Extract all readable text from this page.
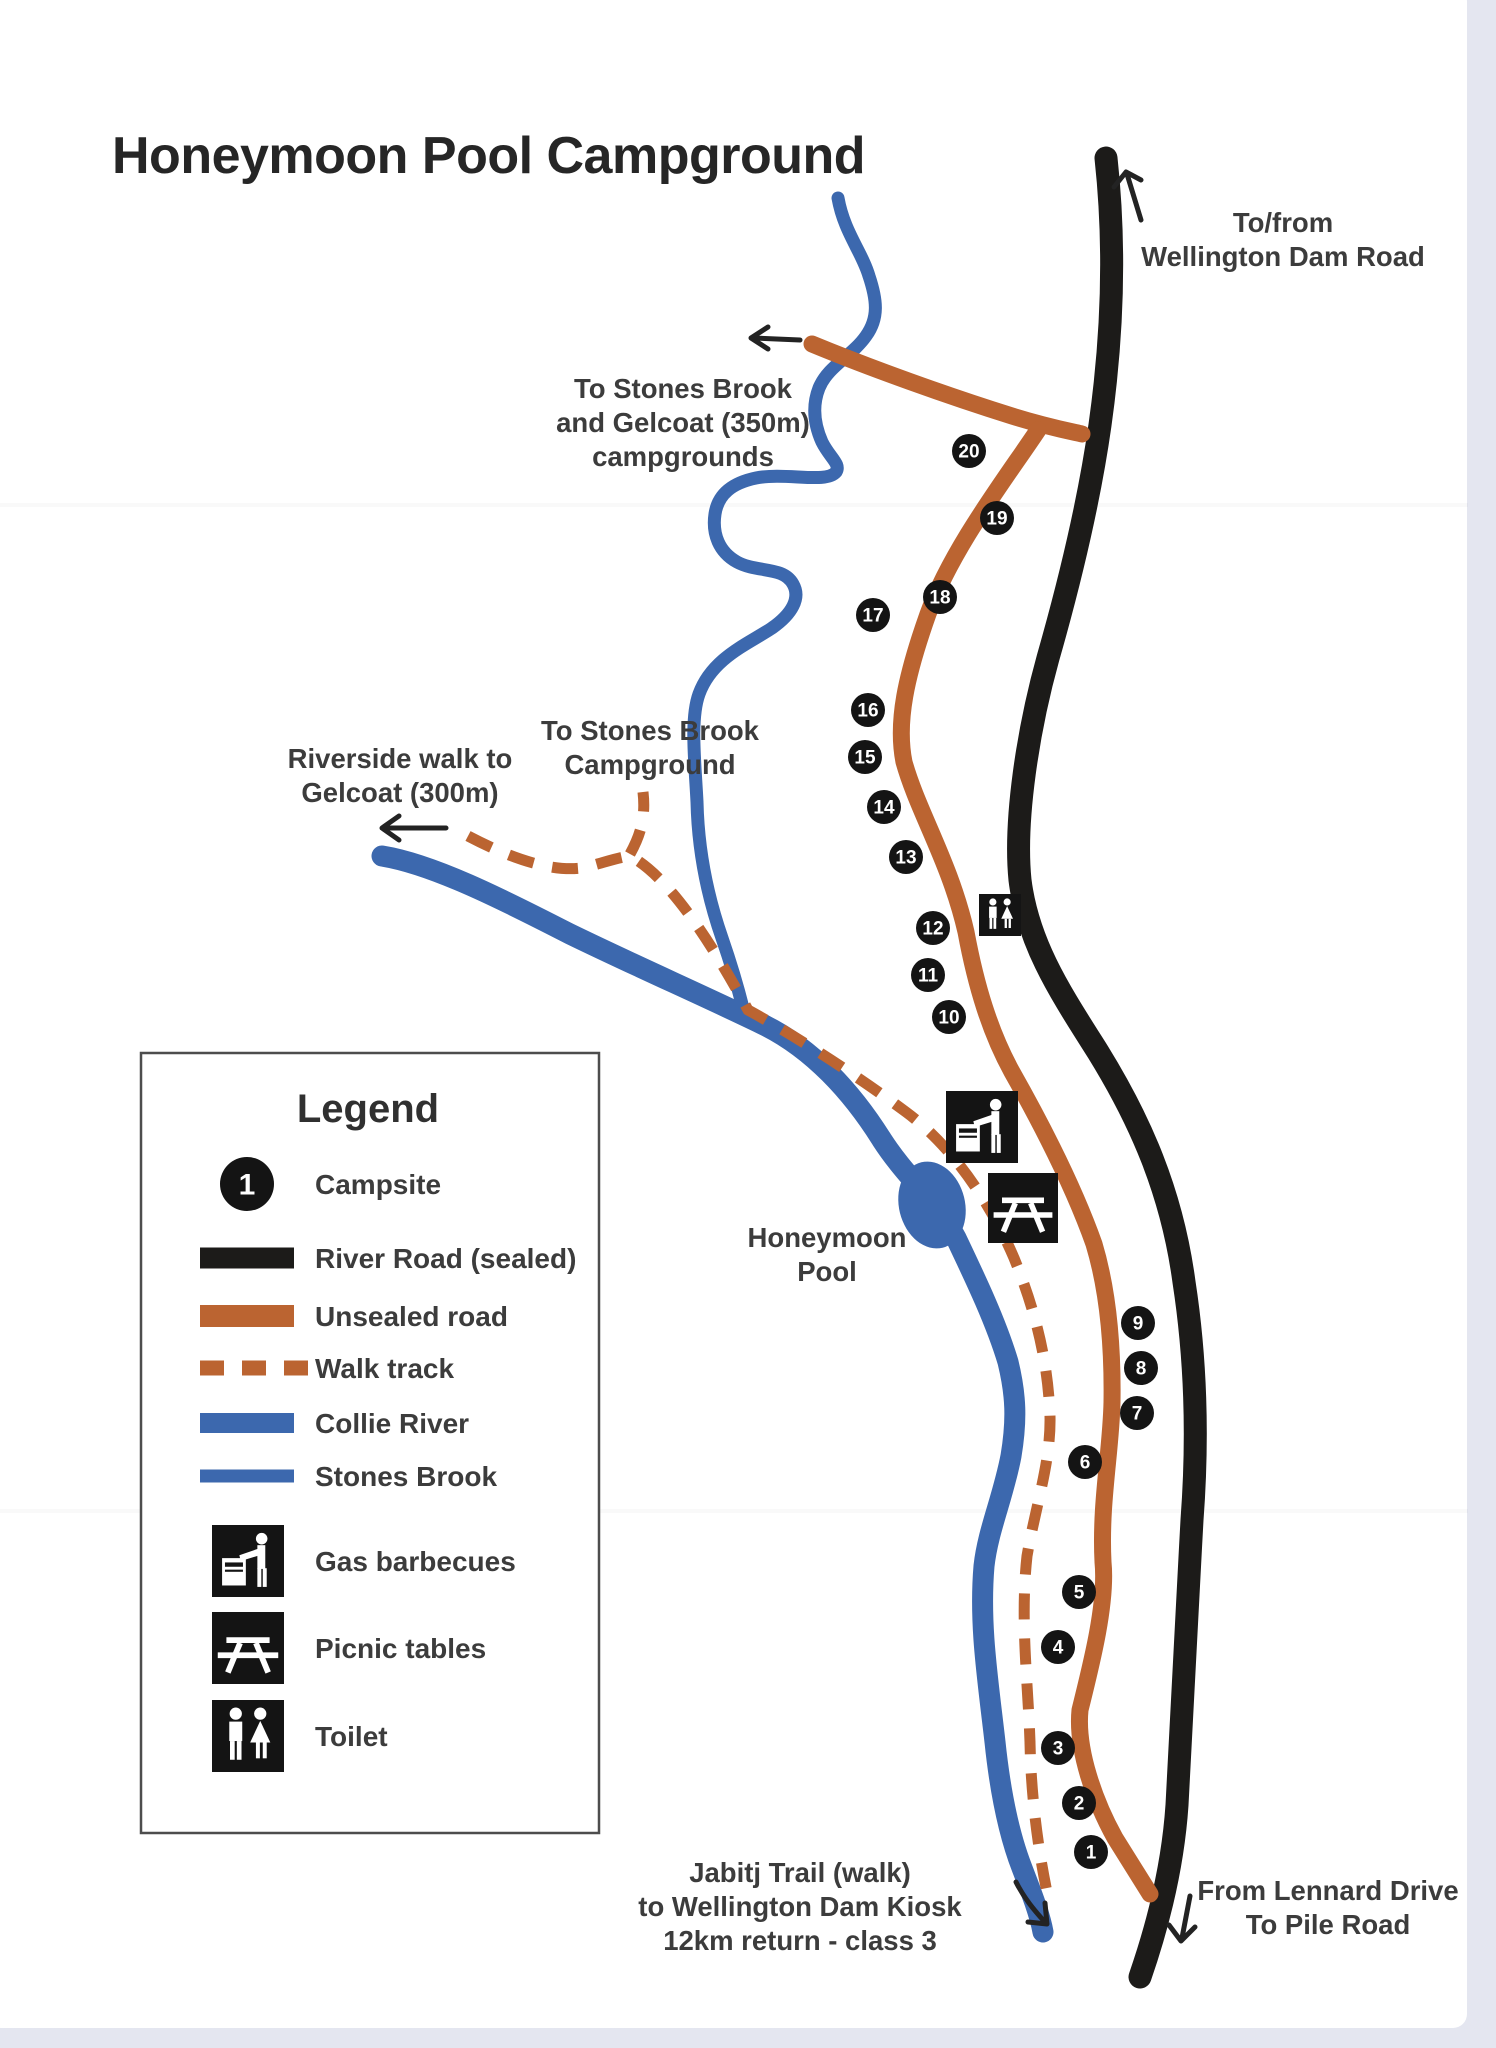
Honeymoon Pool Campground
1
2
3
4
5
6
7
8
9
10
11
12
13
14
15
16
17
18
19
20
To/from Wellington Dam Road
To Stones Brook and Gelcoat (350m) campgrounds
To Stones Brook Campground
Riverside walk to Gelcoat (300m)
Honeymoon Pool
Jabitj Trail (walk) to Wellington Dam Kiosk 12km return - class 3
From Lennard Drive To Pile Road
Legend
1 Campsite
River Road (sealed)
Unsealed road
Walk track
Collie River
Stones Brook
Gas barbecues
Picnic tables
Toilet
